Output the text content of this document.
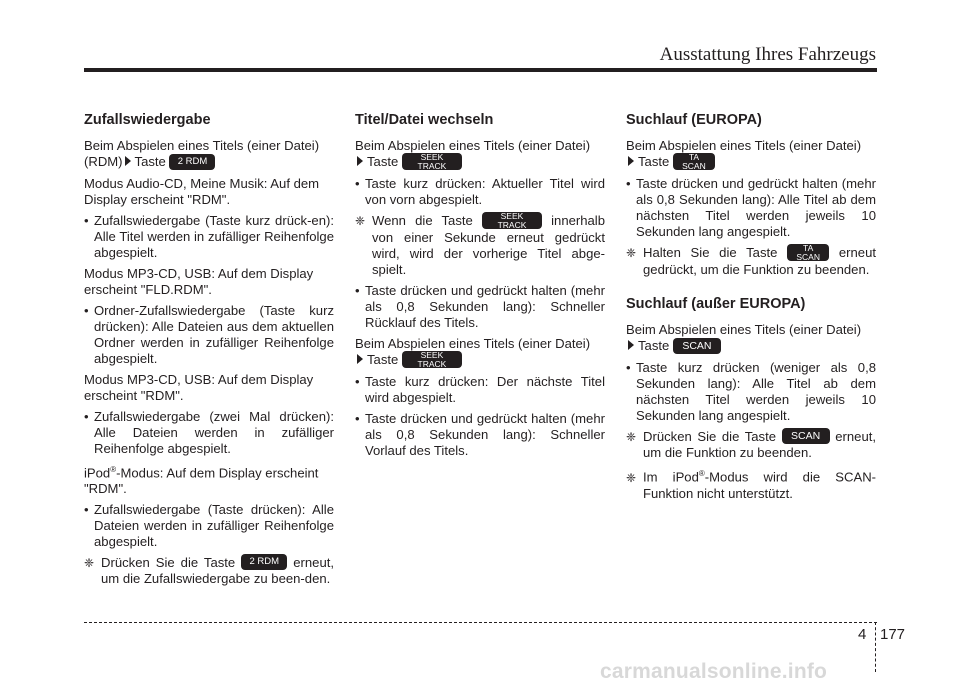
Ausstattung Ihres Fahrzeugs
Zufallswiedergabe

Beim Abspielen eines Titels (einer Datei)
(RDM) Taste 2 RDM

Modus Audio-CD, Meine Musik: Auf dem Display erscheint "RDM".

• Zufallswiedergabe (Taste kurz drück-en): Alle Titel werden in zufälliger Reihenfolge abgespielt.

Modus MP3-CD, USB: Auf dem Display erscheint "FLD.RDM".

• Ordner-Zufallswiedergabe (Taste kurz drücken): Alle Dateien aus dem aktuellen Ordner werden in zufälliger Reihenfolge abgespielt.

Modus MP3-CD, USB: Auf dem Display erscheint "RDM".

• Zufallswiedergabe (zwei Mal drücken): Alle Dateien werden in zufälliger Reihenfolge abgespielt.

iPod®-Modus: Auf dem Display erscheint "RDM".

• Zufallswiedergabe (Taste drücken): Alle Dateien werden in zufälliger Reihenfolge abgespielt.
❈ Drücken Sie die Taste 2 RDM erneut, um die Zufallswiedergabe zu been-den.
Titel/Datei wechseln

Beim Abspielen eines Titels (einer Datei)
Taste	SEEK
TRACK

• Taste kurz drücken: Aktueller Titel wird von vorn abgespielt.
❈ Wenn die Taste	SEEK
TRACK innerhalb von einer Sekunde erneut gedrückt wird, wird der vorherige Titel abge-spielt.
• Taste drücken und gedrückt halten (mehr als 0,8 Sekunden lang): Schneller Rücklauf des Titels.

Beim Abspielen eines Titels (einer Datei)
Taste	SEEK
TRACK

• Taste kurz drücken: Der nächste Titel wird abgespielt.
• Taste drücken und gedrückt halten (mehr als 0,8 Sekunden lang): Schneller Vorlauf des Titels.
Suchlauf (EUROPA)

Beim Abspielen eines Titels (einer Datei)
Taste TA
SCAN

• Taste drücken und gedrückt halten (mehr als 0,8 Sekunden lang): Alle Titel ab dem nächsten Titel werden jeweils 10 Sekunden lang angespielt.
❈ Halten Sie die Taste	TA
SCAN erneut gedrückt, um die Funktion zu beenden.
Suchlauf (außer EUROPA)

Beim Abspielen eines Titels (einer Datei)
Taste SCAN

• Taste kurz drücken (weniger als 0,8 Sekunden lang): Alle Titel ab dem nächsten Titel werden jeweils 10 Sekunden lang angespielt.
❈ Drücken Sie die Taste SCAN erneut, um die Funktion zu beenden.
❈ Im iPod®-Modus wird die SCAN-Funktion nicht unterstützt.
4 177
carmanualsonline.info
